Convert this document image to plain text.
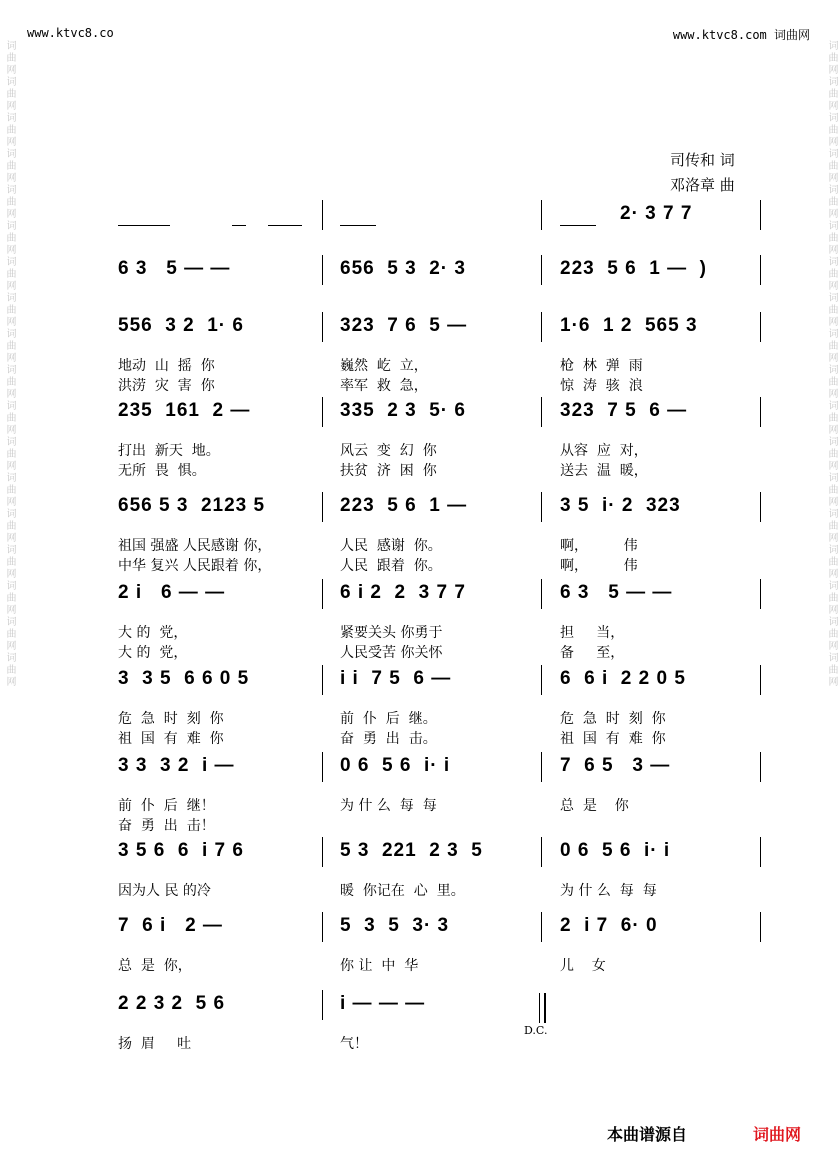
www.ktvc8.co	www.ktvc8.com 词曲网
词曲网词曲网词曲网词曲网词曲网词曲网词曲网词曲网词曲网词曲网词曲网词曲网词曲网词曲网词曲网词曲网词曲网词曲网	词曲网词曲网词曲网词曲网词曲网词曲网词曲网词曲网词曲网词曲网词曲网词曲网词曲网词曲网词曲网词曲网词曲网词曲网
司传和 词
邓洛章 曲
2· 3 7 7
6 3   5 — —	656  5 3  2· 3	223  5 6  1 —  )
556  3 2  1· 6	323  7 6  5 —	1·6  1 2  565 3
地动  山  摇  你	巍然  屹  立，	枪  林  弹  雨
洪涝  灾  害  你	率军  救  急，	惊  涛  骇  浪
235  161  2 —	335  2 3  5· 6	323  7 5  6 —
打出  新天  地。	风云  变  幻  你	从容  应  对，
无所  畏  惧。	扶贫  济  困  你	送去  温  暖，
656 5 3  2123 5	223  5 6  1 —	3 5  i· 2  323
祖国 强盛 人民感谢 你，	人民  感谢  你。	啊，        伟
中华 复兴 人民跟着 你，	人民  跟着  你。	啊，        伟
2 i   6 — —	6 i 2  2  3 7 7	6 3   5 — —
大 的  党，	紧要关头 你勇于	担     当，
大 的  党，	人民受苦 你关怀	备     至，
3  3 5  6 6 0 5	i i  7 5  6 —	6  6 i  2 2 0 5
危  急  时  刻  你	前  仆  后  继。	危  急  时  刻  你
祖  国  有  难  你	奋  勇  出  击。	祖  国  有  难  你
3 3  3 2  i —	0 6  5 6  i· i	7  6 5   3 —
前  仆  后  继！	为 什 么  每  每	总  是    你
奋  勇  出  击！
3 5 6  6  i 7 6	5 3  221  2 3  5	0 6  5 6  i· i
因为人 民 的冷	暖  你记在  心  里。	为 什 么  每  每
7  6 i   2 —	5  3  5  3· 3	2  i 7  6· 0
总  是  你，	你 让  中  华	儿    女
2 2 3 2  5 6	i — — —
扬  眉     吐	气！
D.C.
本曲谱源自	词曲网
